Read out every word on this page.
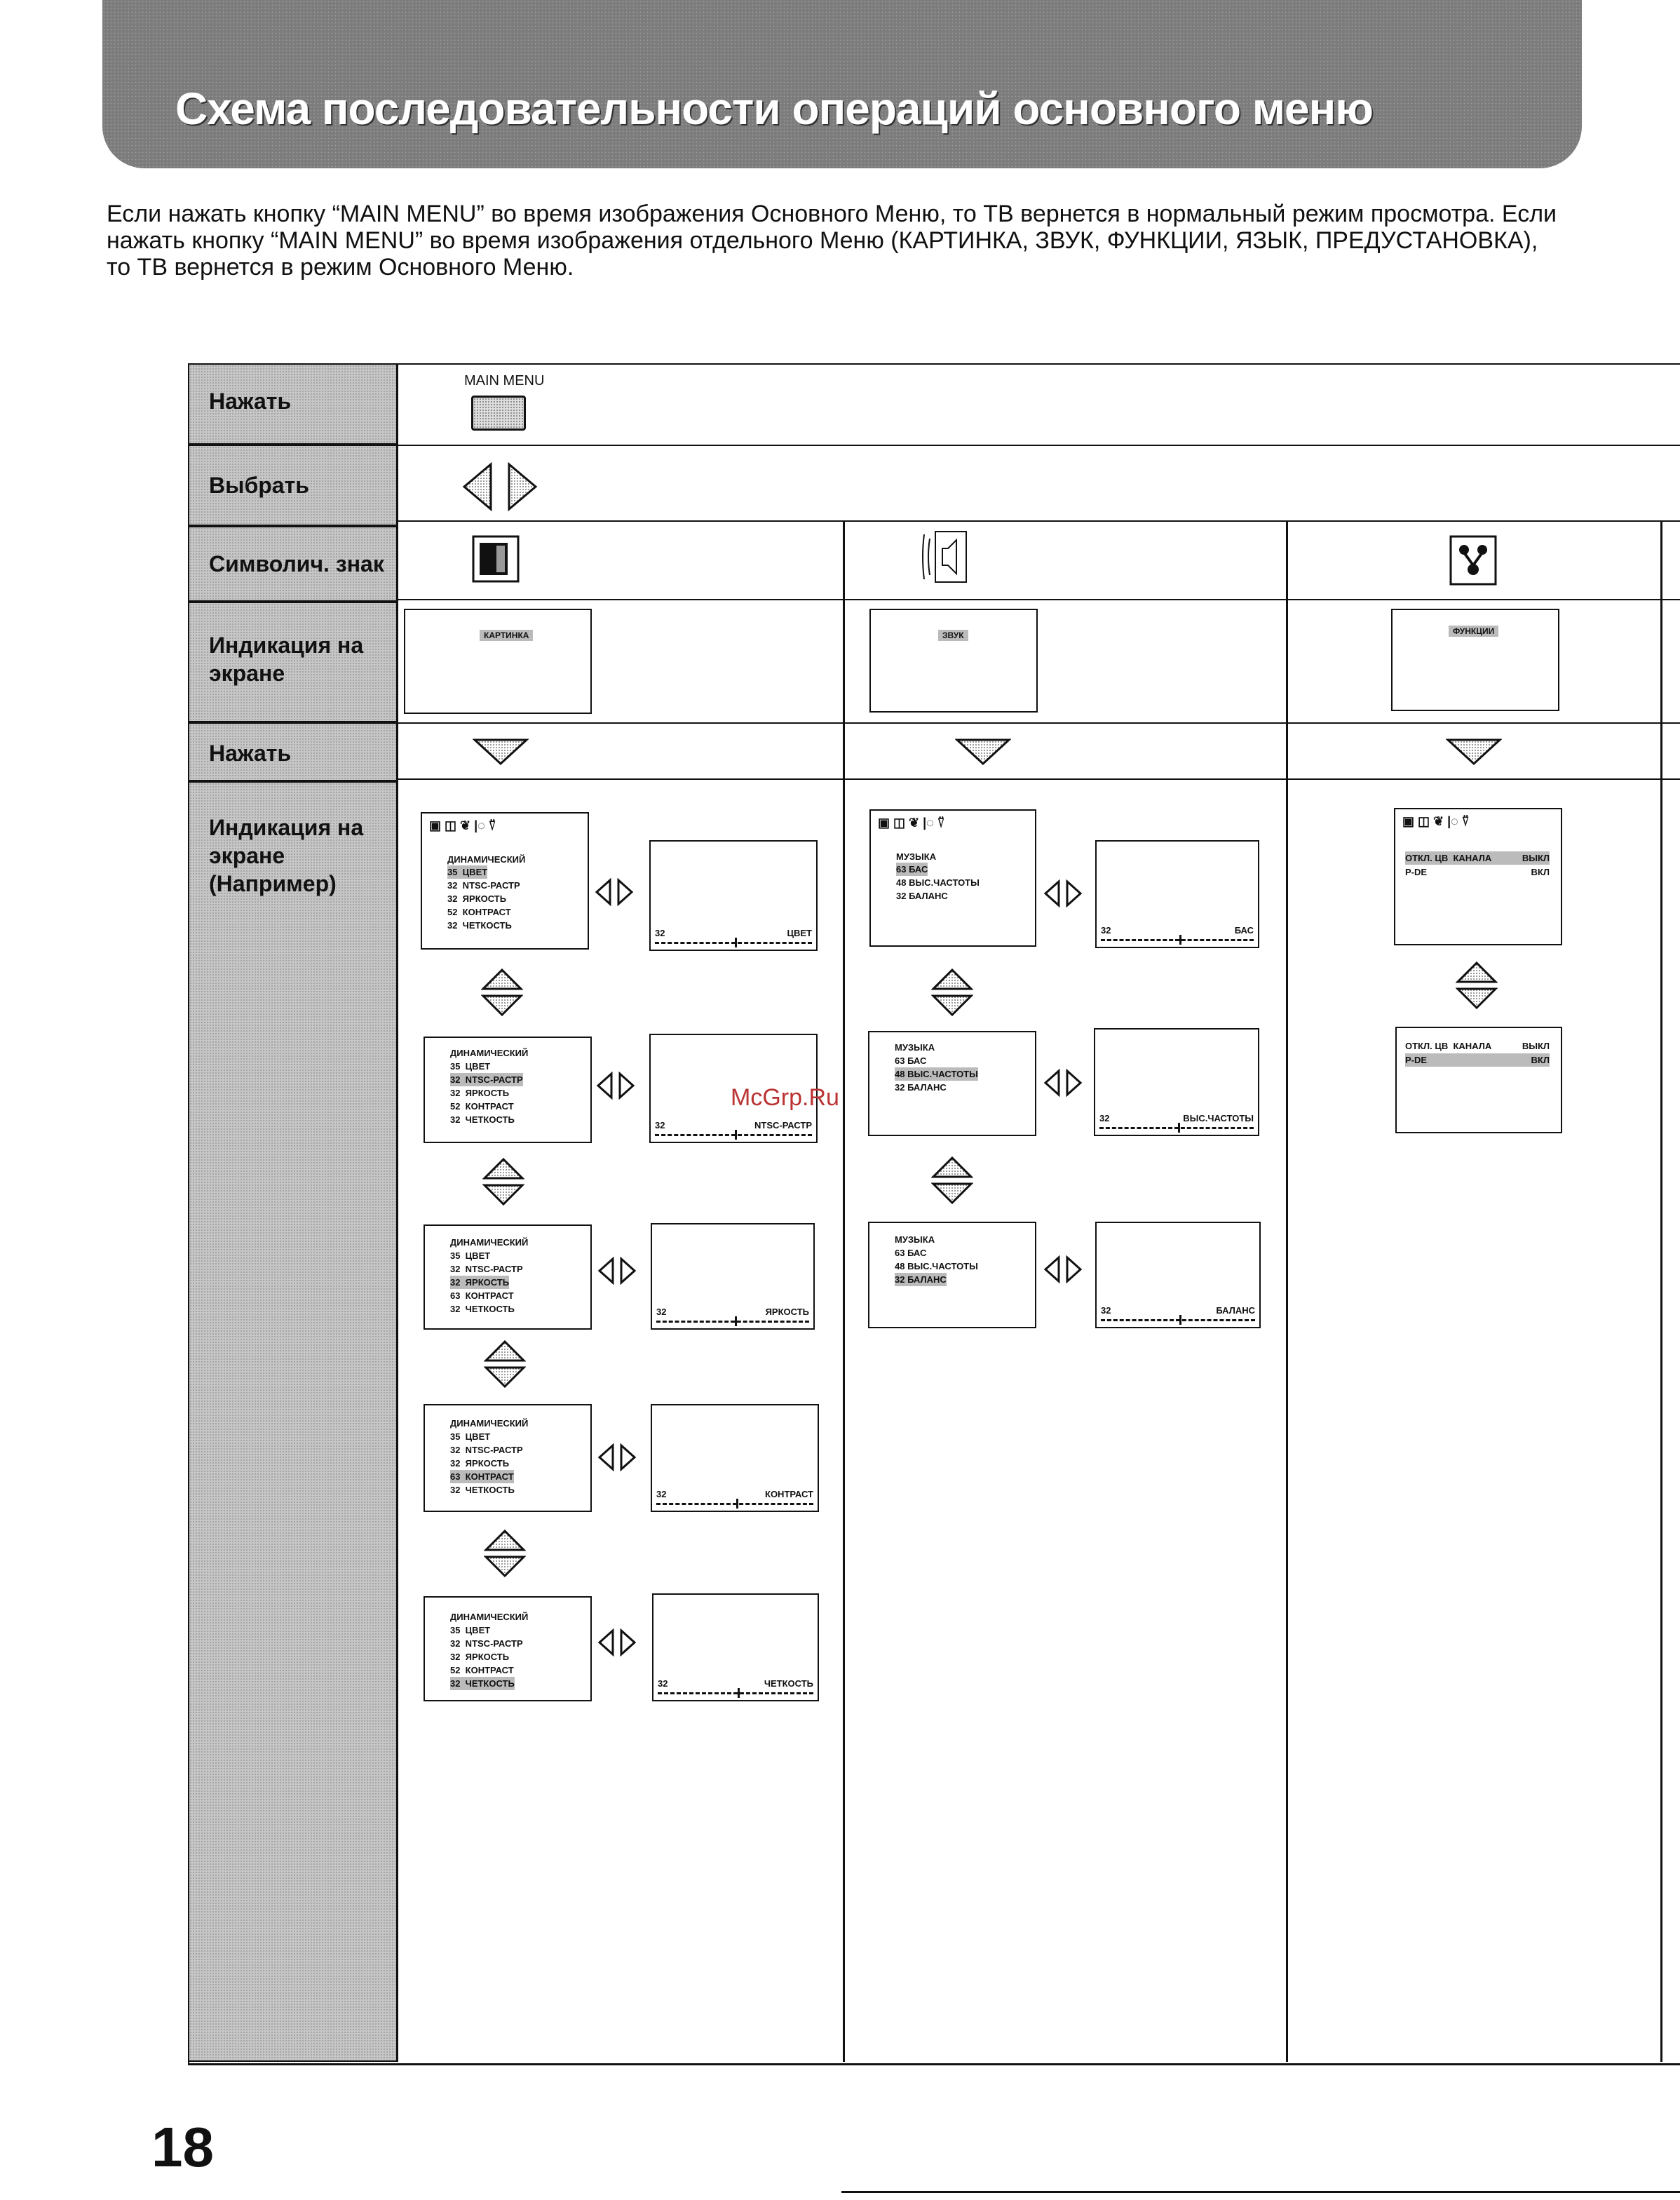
Схема последовательности операций основного меню
Если нажать кнопку “MAIN MENU” во время изображения Основного Меню, то ТВ вернется в нормальный режим просмотра. Если нажать кнопку “MAIN MENU” во время изображения отдельного Меню (КАРТИНКА, ЗВУК, ФУНКЦИИ, ЯЗЫК, ПРЕДУСТАНОВКА), то ТВ вернется в режим Основного Меню.
Нажать
Выбрать
Символич. знак
Индикация на экране
Нажать
Индикация на экране (Например)
MAIN MENU
КАРТИНКА	ЗВУК	ФУНКЦИИ
▣ ◫ ❦ |◌ ⍢
ДИНАМИЧЕСКИЙ
35  ЦВЕТ
32  NTSC-РАСТР
32  ЯРКОСТЬ
52  КОНТРАСТ
32  ЧЕТКОСТЬ
32	ЦВЕТ
ДИНАМИЧЕСКИЙ
35  ЦВЕТ
32  NTSC-РАСТР
32  ЯРКОСТЬ
52  КОНТРАСТ
32  ЧЕТКОСТЬ
32	NTSC-РАСТР
ДИНАМИЧЕСКИЙ
35  ЦВЕТ
32  NTSC-РАСТР
32  ЯРКОСТЬ
63  КОНТРАСТ
32  ЧЕТКОСТЬ	32	ЯРКОСТЬ
ДИНАМИЧЕСКИЙ
35  ЦВЕТ
32  NTSC-РАСТР
32  ЯРКОСТЬ
63  КОНТРАСТ
32  ЧЕТКОСТЬ	32	КОНТРАСТ
ДИНАМИЧЕСКИЙ
35  ЦВЕТ
32  NTSC-РАСТР
32  ЯРКОСТЬ
52  КОНТРАСТ
32  ЧЕТКОСТЬ	32	ЧЕТКОСТЬ
▣ ◫ ❦ |◌ ⍢
МУЗЫКА
63 БАС
48 ВЫС.ЧАСТОТЫ
32 БАЛАНС
32	БАС
МУЗЫКА
63 БАС
48 ВЫС.ЧАСТОТЫ
32 БАЛАНС
32	ВЫС.ЧАСТОТЫ
МУЗЫКА
63 БАС
48 ВЫС.ЧАСТОТЫ
32 БАЛАНС
32	БАЛАНС
▣ ◫ ❦ |◌ ⍢
ОТКЛ. ЦВ  КАНАЛА	ВЫКЛ
P-DE	ВКЛ
ОТКЛ. ЦВ  КАНАЛА	ВЫКЛ
P-DE	ВКЛ
McGrp.Ru
18
